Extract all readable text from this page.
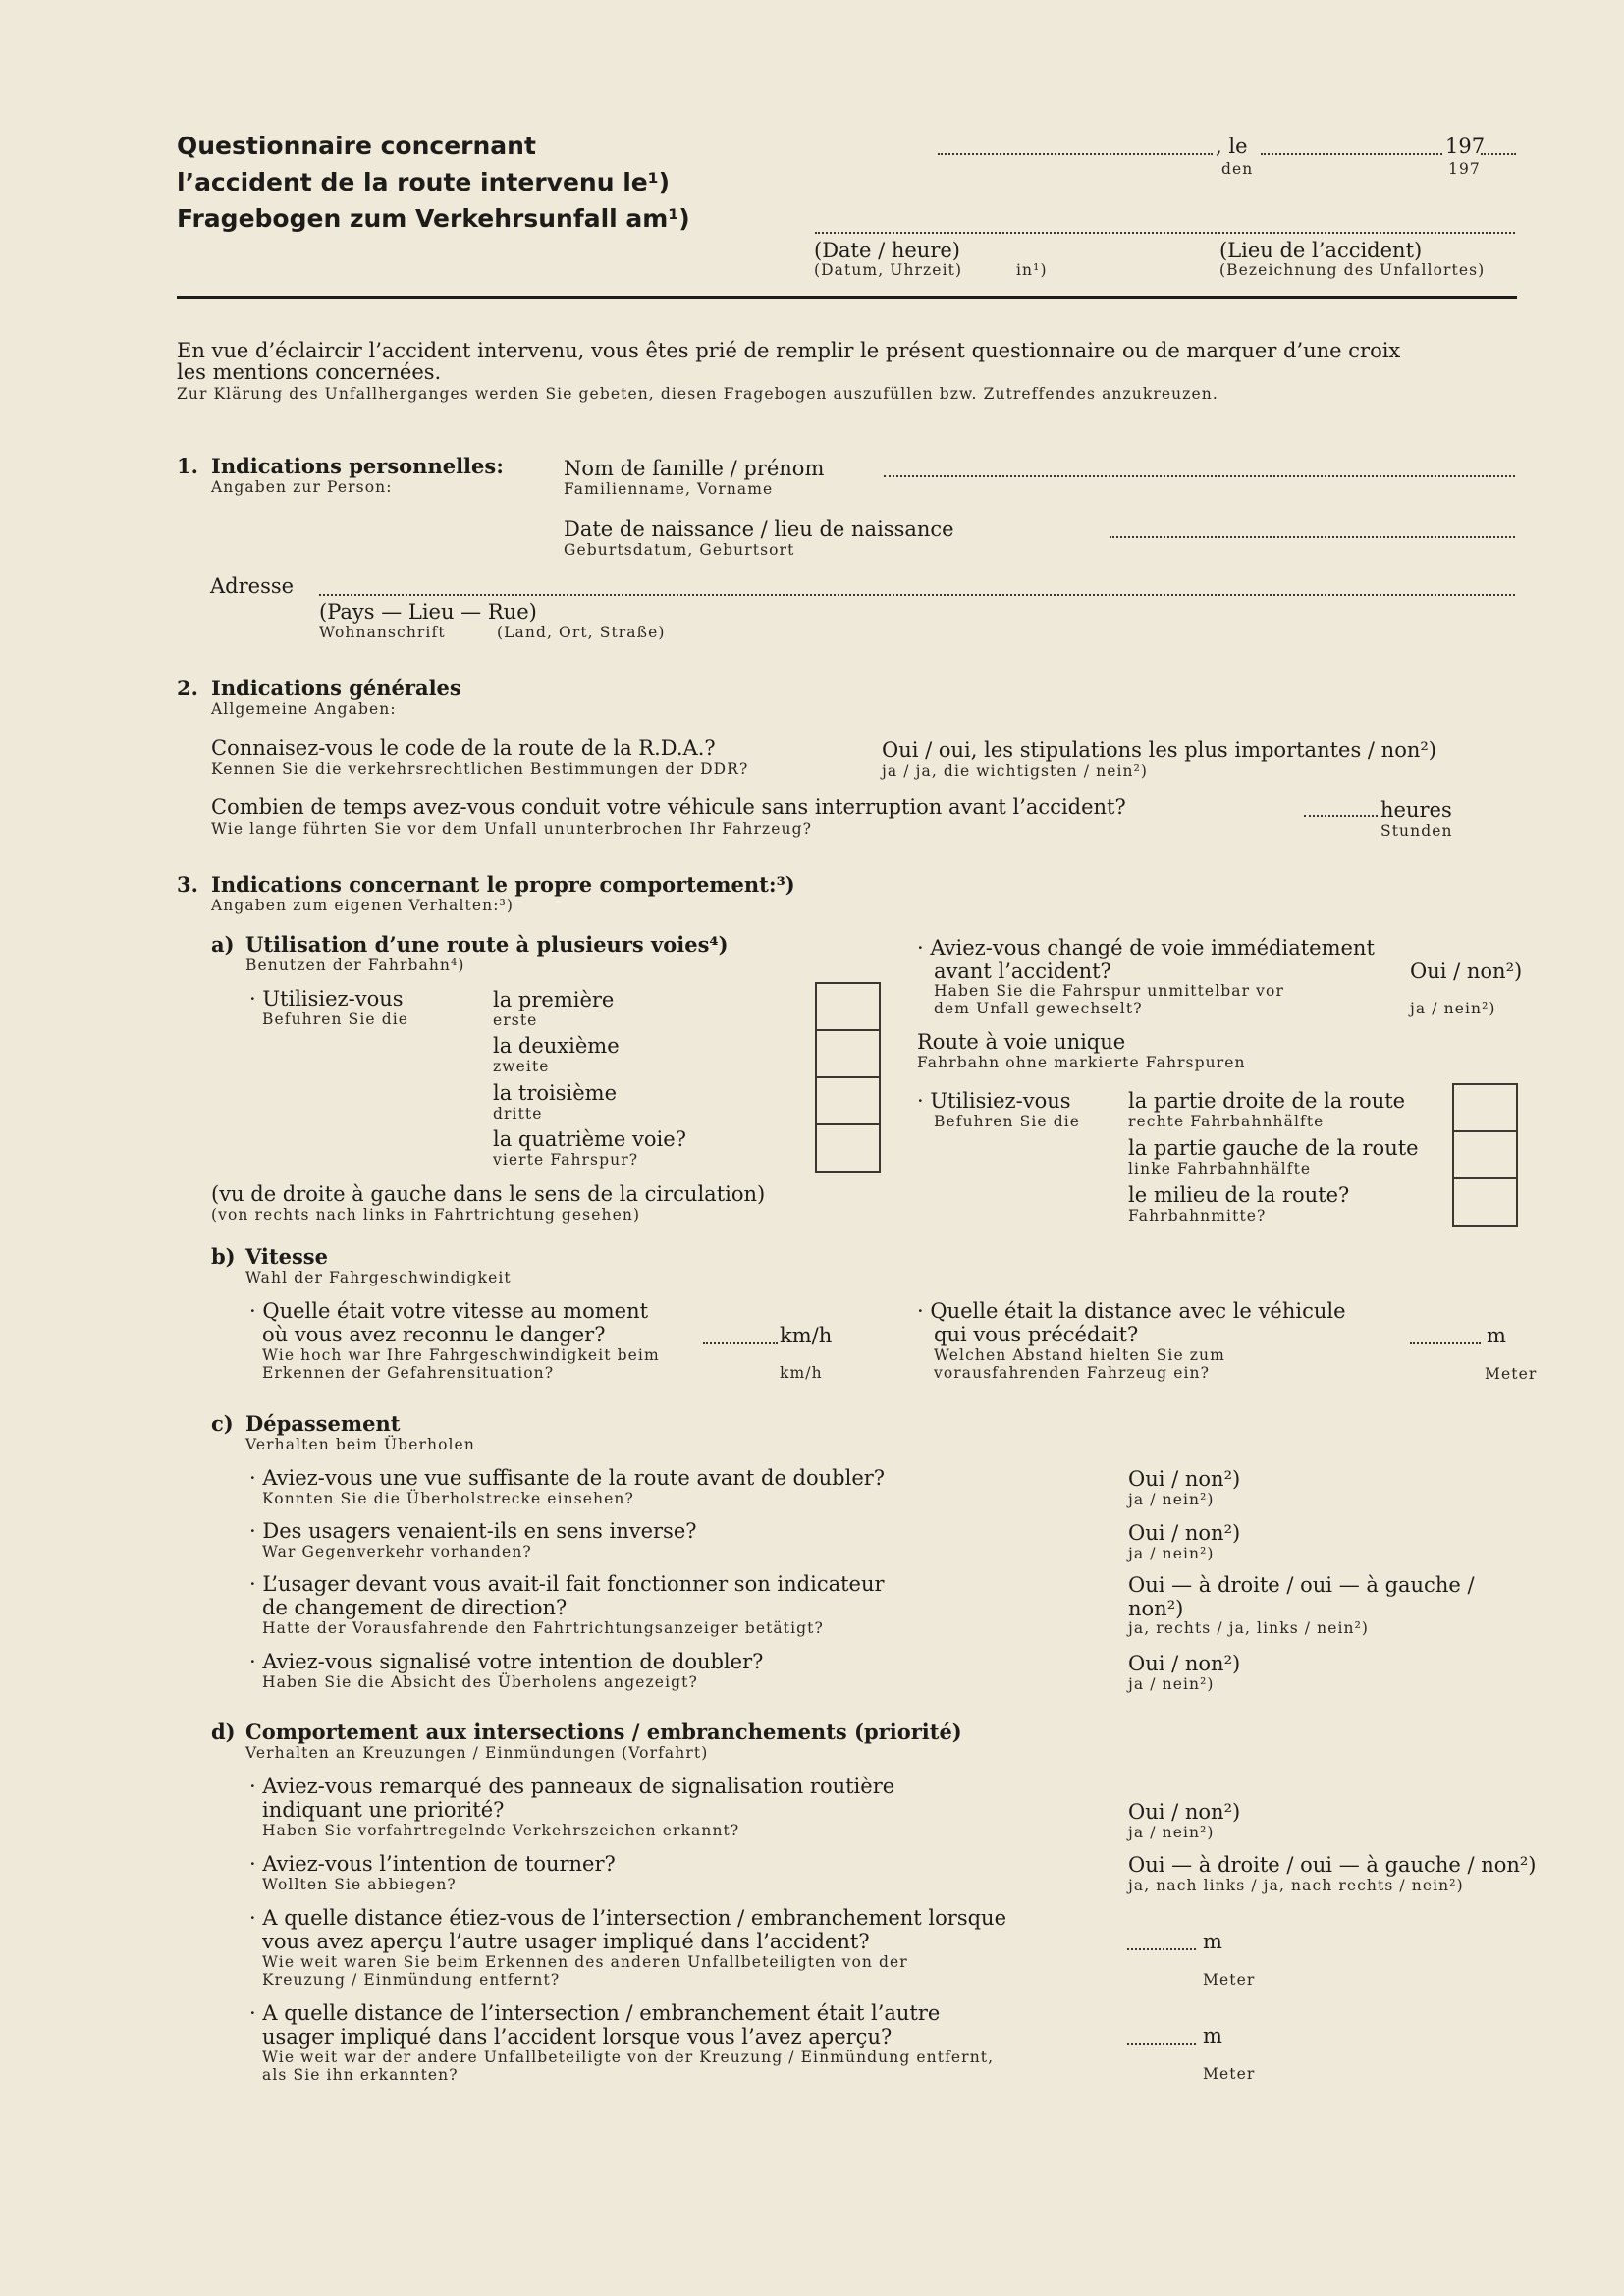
Questionnaire concernant
l’accident de la route intervenu le¹)
Fragebogen zum Verkehrsunfall am¹)
, le
den
197
197
(Date / heure)
(Datum, Uhrzeit)	in¹)
(Lieu de l’accident)
(Bezeichnung des Unfallortes)
En vue d’éclaircir l’accident intervenu, vous êtes prié de remplir le présent questionnaire ou de marquer d’une croix
les mentions concernées.
Zur Klärung des Unfallherganges werden Sie gebeten, diesen Fragebogen auszufüllen bzw. Zutreffendes anzukreuzen.
1. Indications personnelles:
Angaben zur Person:
Nom de famille / prénom
Familienname, Vorname
Date de naissance / lieu de naissance
Geburtsdatum, Geburtsort
Adresse
(Pays — Lieu — Rue)
Wohnanschrift	(Land, Ort, Straße)
2. Indications générales
Allgemeine Angaben:
Connaisez-vous le code de la route de la R.D.A.?
Kennen Sie die verkehrsrechtlichen Bestimmungen der DDR?
Oui / oui, les stipulations les plus importantes / non²)
ja / ja, die wichtigsten / nein²)
Combien de temps avez-vous conduit votre véhicule sans interruption avant l’accident?
Wie lange führten Sie vor dem Unfall ununterbrochen Ihr Fahrzeug?
heures
Stunden
3. Indications concernant le propre comportement:³)
Angaben zum eigenen Verhalten:³)
a) Utilisation d’une route à plusieurs voies⁴)
Benutzen der Fahrbahn⁴)
· Utilisiez-vous
Befuhren Sie die
la première
erste
la deuxième
zweite
la troisième
dritte
la quatrième voie?
vierte Fahrspur?
(vu de droite à gauche dans le sens de la circulation)
(von rechts nach links in Fahrtrichtung gesehen)
· Aviez-vous changé de voie immédiatement
avant l’accident?
Haben Sie die Fahrspur unmittelbar vor
dem Unfall gewechselt?
Oui / non²)
ja / nein²)
Route à voie unique
Fahrbahn ohne markierte Fahrspuren
· Utilisiez-vous
Befuhren Sie die
la partie droite de la route
rechte Fahrbahnhälfte
la partie gauche de la route
linke Fahrbahnhälfte
le milieu de la route?
Fahrbahnmitte?
b) Vitesse
Wahl der Fahrgeschwindigkeit
· Quelle était votre vitesse au moment
où vous avez reconnu le danger?
Wie hoch war Ihre Fahrgeschwindigkeit beim
Erkennen der Gefahrensituation?
km/h
km/h
· Quelle était la distance avec le véhicule
qui vous précédait?
Welchen Abstand hielten Sie zum
vorausfahrenden Fahrzeug ein?
m
Meter
c) Dépassement
Verhalten beim Überholen
· Aviez-vous une vue suffisante de la route avant de doubler?
Konnten Sie die Überholstrecke einsehen?
Oui / non²)
ja / nein²)
· Des usagers venaient-ils en sens inverse?
War Gegenverkehr vorhanden?
Oui / non²)
ja / nein²)
· L’usager devant vous avait-il fait fonctionner son indicateur
de changement de direction?
Hatte der Vorausfahrende den Fahrtrichtungsanzeiger betätigt?
Oui — à droite / oui — à gauche /
non²)
ja, rechts / ja, links / nein²)
· Aviez-vous signalisé votre intention de doubler?
Haben Sie die Absicht des Überholens angezeigt?
Oui / non²)
ja / nein²)
d) Comportement aux intersections / embranchements (priorité)
Verhalten an Kreuzungen / Einmündungen (Vorfahrt)
· Aviez-vous remarqué des panneaux de signalisation routière
indiquant une priorité?
Haben Sie vorfahrtregelnde Verkehrszeichen erkannt?
Oui / non²)
ja / nein²)
· Aviez-vous l’intention de tourner?
Wollten Sie abbiegen?
Oui — à droite / oui — à gauche / non²)
ja, nach links / ja, nach rechts / nein²)
· A quelle distance étiez-vous de l’intersection / embranchement lorsque
vous avez aperçu l’autre usager impliqué dans l’accident?
Wie weit waren Sie beim Erkennen des anderen Unfallbeteiligten von der
Kreuzung / Einmündung entfernt?
m
Meter
· A quelle distance de l’intersection / embranchement était l’autre
usager impliqué dans l’accident lorsque vous l’avez aperçu?
Wie weit war der andere Unfallbeteiligte von der Kreuzung / Einmündung entfernt,
als Sie ihn erkannten?
m
Meter
